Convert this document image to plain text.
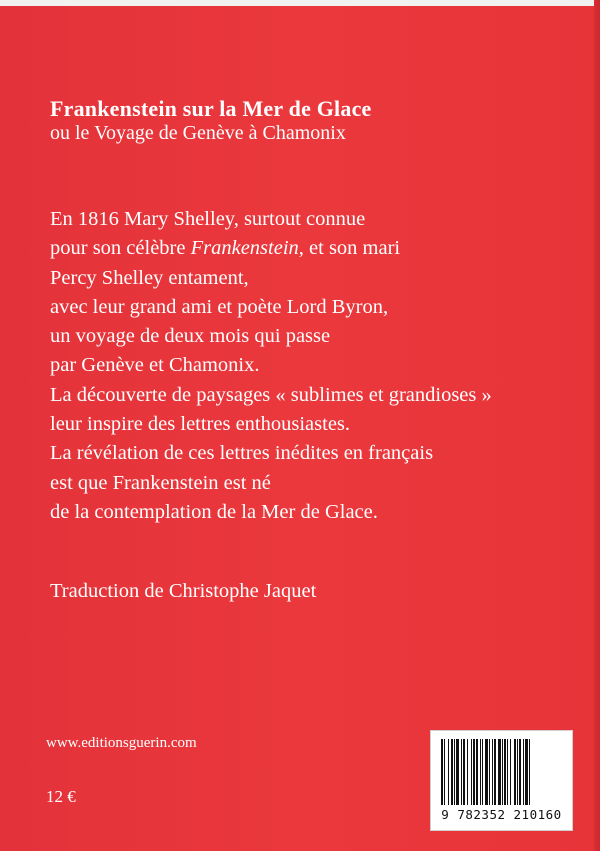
Frankenstein sur la Mer de Glace
ou le Voyage de Genève à Chamonix
En 1816 Mary Shelley, surtout connue
pour son célèbre Frankenstein, et son mari
Percy Shelley entament,
avec leur grand ami et poète Lord Byron,
un voyage de deux mois qui passe
par Genève et Chamonix.
La découverte de paysages « sublimes et grandioses »
leur inspire des lettres enthousiastes.
La révélation de ces lettres inédites en français
est que Frankenstein est né
de la contemplation de la Mer de Glace.
Traduction de Christophe Jaquet
www.editionsguerin.com
12 €
9 782352 210160
